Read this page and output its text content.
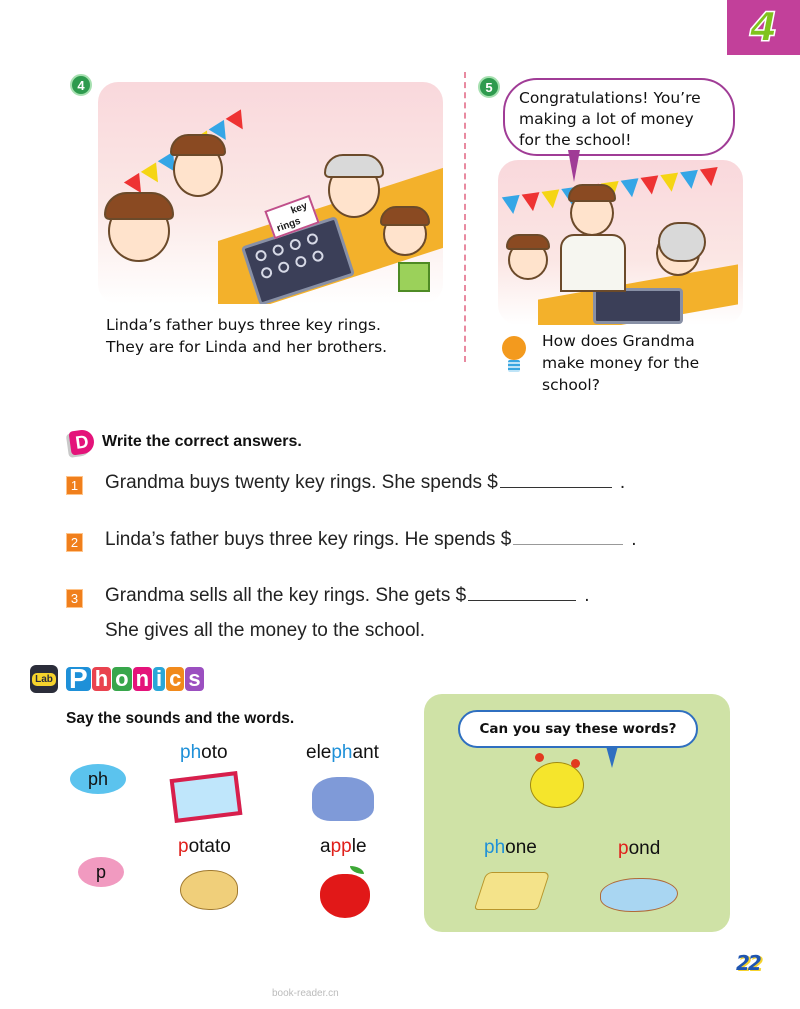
4
4
key
rings
Linda’s father buys three key rings.
They are for Linda and her brothers.
5
Congratulations! You’re
making a lot of money
for the school!
How does Grandma
make money for the
school?
D Write the correct answers.
1 Grandma buys twenty key rings. She spends $	.
2 Linda’s father buys three key rings. He spends $	.
3 Grandma sells all the key rings. She gets $	.
She gives all the money to the school.
Lab P h o n i c s
Say the sounds and the words.
ph
p
photo	elephant
potato	apple
Can you say these words?
phone	pond
22
book-reader.cn
